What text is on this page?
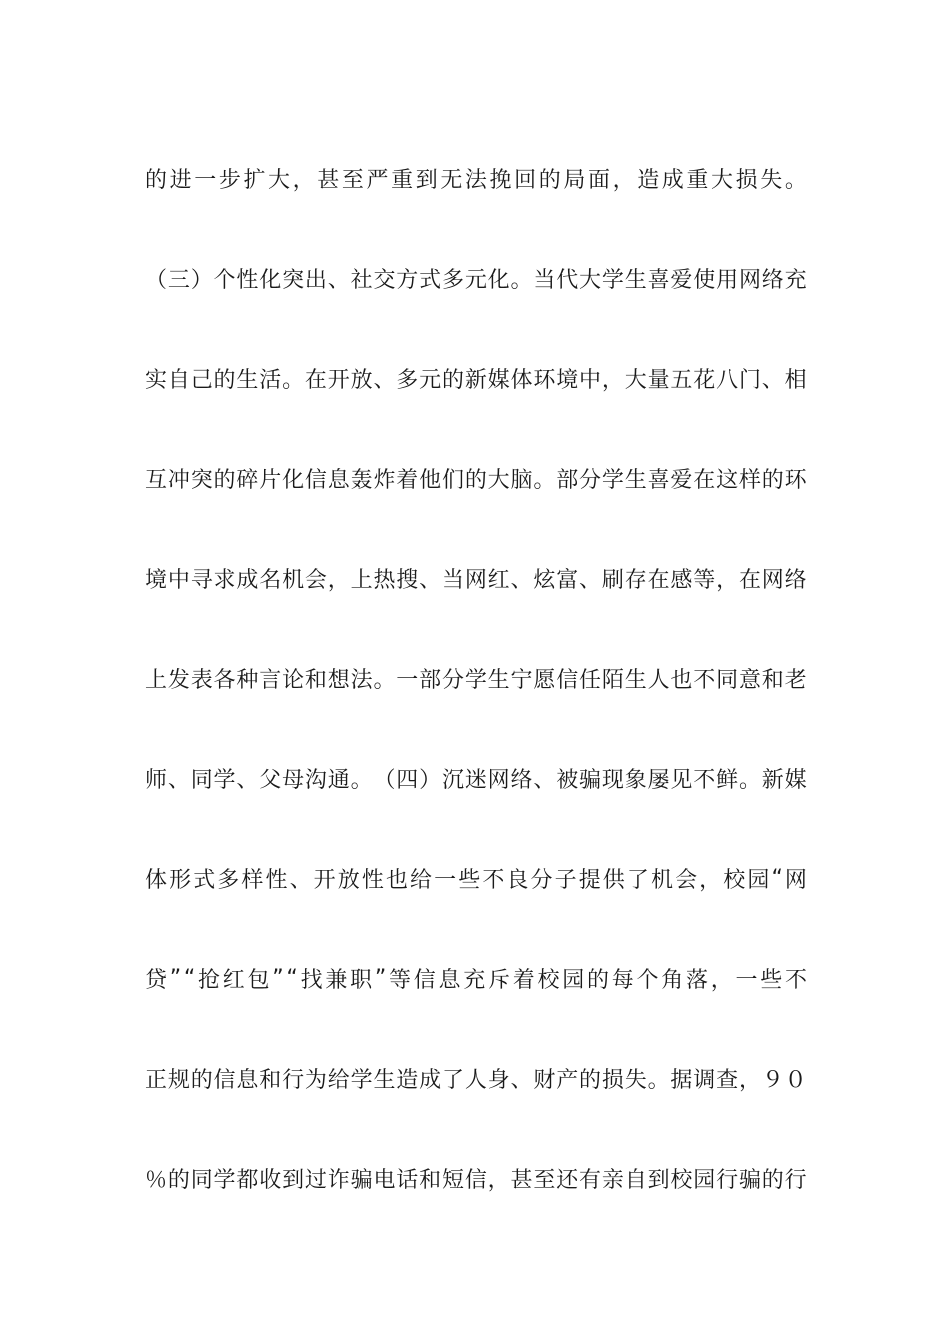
的 进 一 步 扩 大 ， 甚 至 严 重 到 无 法 挽 回 的 局 面 ， 造 成 重 大 损 失 。
（ 三 ） 个 性 化 突 出 、 社 交 方 式 多 元 化 。 当 代 大 学 生 喜 爱 使 用 网 络 充
实 自 己 的 生 活 。 在 开 放 、 多 元 的 新 媒 体 环 境 中 ， 大 量 五 花 八 门 、 相
互 冲 突 的 碎 片 化 信 息 轰 炸 着 他 们 的 大 脑 。 部 分 学 生 喜 爱 在 这 样 的 环
境 中 寻 求 成 名 机 会 ， 上 热 搜 、 当 网 红 、 炫 富 、 刷 存 在 感 等 ， 在 网 络
上 发 表 各 种 言 论 和 想 法 。 一 部 分 学 生 宁 愿 信 任 陌 生 人 也 不 同 意 和 老
师 、 同 学 、 父 母 沟 通 。 （ 四 ） 沉 迷 网 络 、 被 骗 现 象 屡 见 不 鲜 。 新 媒
体 形 式 多 样 性 、 开 放 性 也 给 一 些 不 良 分 子 提 供 了 机 会 ， 校 园 “ 网
贷 ” “ 抢 红 包 ” “ 找 兼 职 ” 等 信 息 充 斥 着 校 园 的 每 个 角 落 ， 一 些 不
正 规 的 信 息 和 行 为 给 学 生 造 成 了 人 身 、 财 产 的 损 失 。 据 调 查 ， ９ ０
％ 的 同 学 都 收 到 过 诈 骗 电 话 和 短 信 ， 甚 至 还 有 亲 自 到 校 园 行 骗 的 行
